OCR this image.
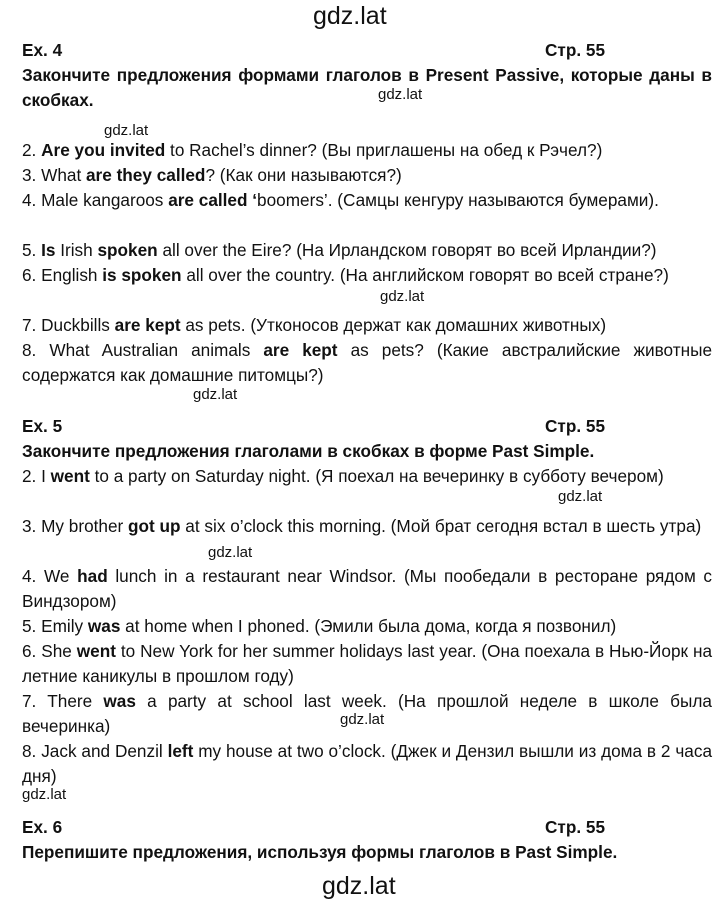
gdz.lat
gdz.lat
gdz.lat
gdz.lat
gdz.lat
gdz.lat
gdz.lat
gdz.lat
gdz.lat
gdz.lat
Ex. 4	Стр. 55
Закончите предложения формами глаголов в Present Passive, которые даны в скобках.
2. Are you invited to Rachel’s dinner? (Вы приглашены на обед к Рэчел?)
3. What are they called? (Как они называются?)
4. Male kangaroos are called ‘boomers’. (Самцы кенгуру называются бумерами).
5. Is Irish spoken all over the Eire? (На Ирландском говорят во всей Ирландии?)
6. English is spoken all over the country. (На английском говорят во всей стране?)
7. Duckbills are kept as pets. (Утконосов держат как домашних животных)
8. What Australian animals are kept as pets? (Какие австралийские животные содержатся как домашние питомцы?)
Ex. 5	Стр. 55
Закончите предложения глаголами в скобках в форме Past Simple.
2. I went to a party on Saturday night. (Я поехал на вечеринку в субботу вечером)
3. My brother got up at six o’clock this morning. (Мой брат сегодня встал в шесть утра)
4. We had lunch in a restaurant near Windsor. (Мы пообедали в ресторане рядом с Виндзором)
5. Emily was at home when I phoned. (Эмили была дома, когда я позвонил)
6. She went to New York for her summer holidays last year. (Она поехала в Нью-Йорк на летние каникулы в прошлом году)
7. There was a party at school last week. (На прошлой неделе в школе была вечеринка)
8. Jack and Denzil left my house at two o’clock. (Джек и Дензил вышли из дома в 2 часа дня)
Ex. 6	Стр. 55
Перепишите предложения, используя формы глаголов в Past Simple.
